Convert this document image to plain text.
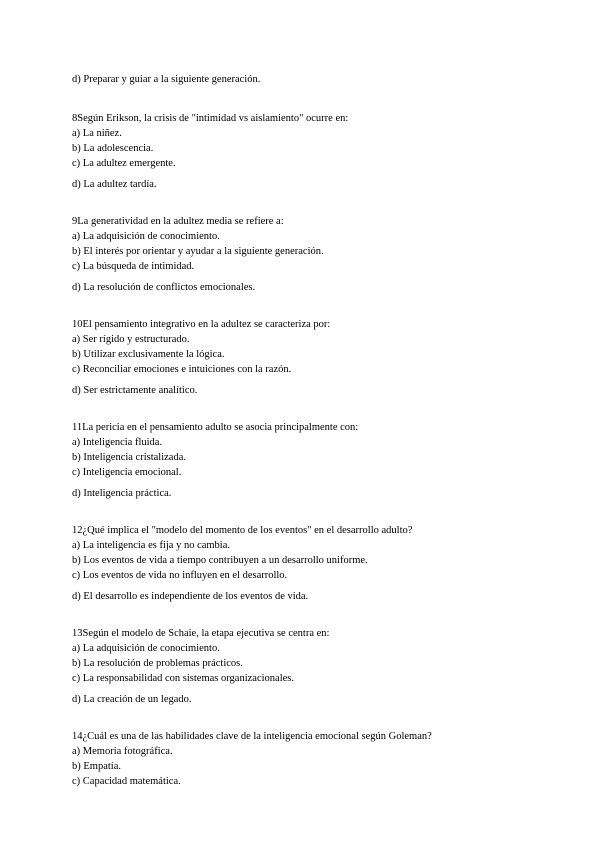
d) Preparar y guiar a la siguiente generación.
8Según Erikson, la crisis de "intimidad vs aislamiento" ocurre en:
a) La niñez.
b) La adolescencia.
c) La adultez emergente.
d) La adultez tardía.
9La generatividad en la adultez media se refiere a:
a) La adquisición de conocimiento.
b) El interés por orientar y ayudar a la siguiente generación.
c) La búsqueda de intimidad.
d) La resolución de conflictos emocionales.
10El pensamiento integrativo en la adultez se caracteriza por:
a) Ser rígido y estructurado.
b) Utilizar exclusivamente la lógica.
c) Reconciliar emociones e intuiciones con la razón.
d) Ser estrictamente analítico.
11La pericia en el pensamiento adulto se asocia principalmente con:
a) Inteligencia fluida.
b) Inteligencia cristalizada.
c) Inteligencia emocional.
d) Inteligencia práctica.
12¿Qué implica el "modelo del momento de los eventos" en el desarrollo adulto?
a) La inteligencia es fija y no cambia.
b) Los eventos de vida a tiempo contribuyen a un desarrollo uniforme.
c) Los eventos de vida no influyen en el desarrollo.
d) El desarrollo es independiente de los eventos de vida.
13Según el modelo de Schaie, la etapa ejecutiva se centra en:
a) La adquisición de conocimiento.
b) La resolución de problemas prácticos.
c) La responsabilidad con sistemas organizacionales.
d) La creación de un legado.
14¿Cuál es una de las habilidades clave de la inteligencia emocional según Goleman?
a) Memoria fotográfica.
b) Empatía.
c) Capacidad matemática.
